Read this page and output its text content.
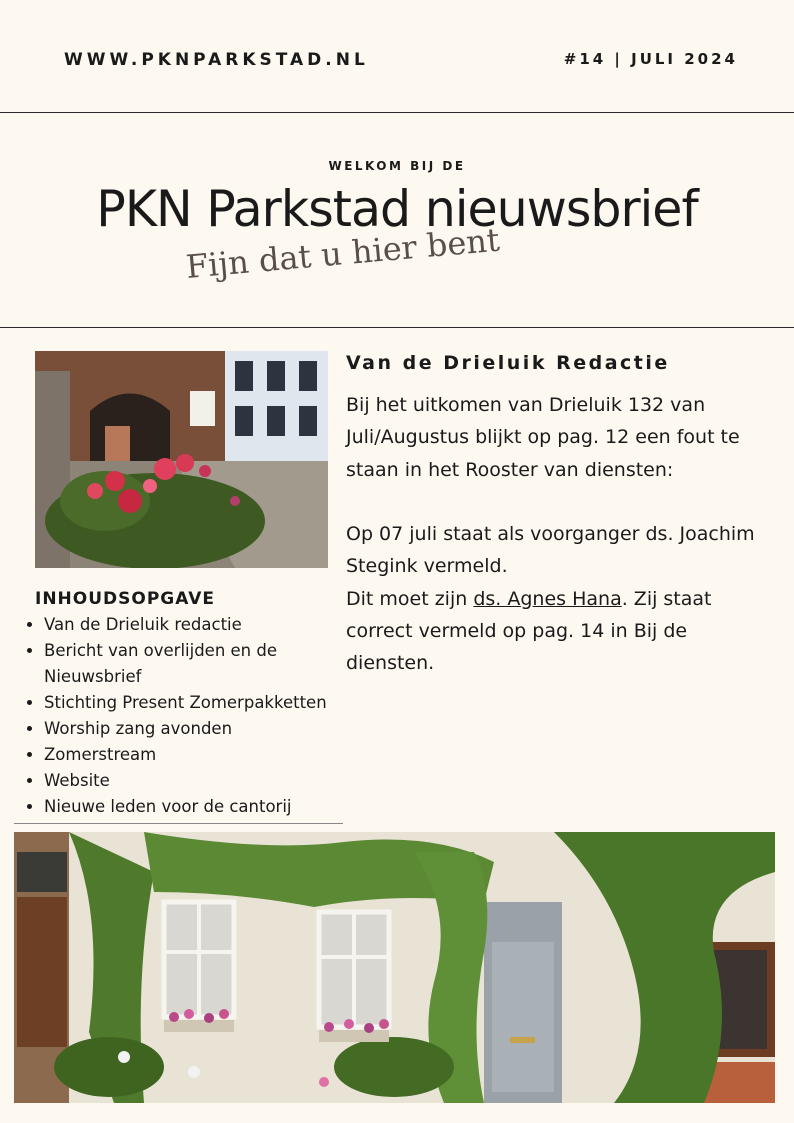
WWW.PKNPARKSTAD.NL	#14 | JULI 2024
WELKOM BIJ DE
PKN Parkstad nieuwsbrief
Fijn dat u hier bent
INHOUDSOPGAVE
• Van de Drieluik redactie
• Bericht van overlijden en de Nieuwsbrief
• Stichting Present Zomerpakketten
• Worship zang avonden
• Zomerstream
• Website
• Nieuwe leden voor de cantorij
Van de Drieluik Redactie

Bij het uitkomen van Drieluik 132 van Juli/Augustus blijkt op pag. 12 een fout te staan in het Rooster van diensten:

Op 07 juli staat als voorganger ds. Joachim Stegink vermeld.

Dit moet zijn ds. Agnes Hana. Zij staat correct vermeld op pag. 14 in Bij de diensten.
